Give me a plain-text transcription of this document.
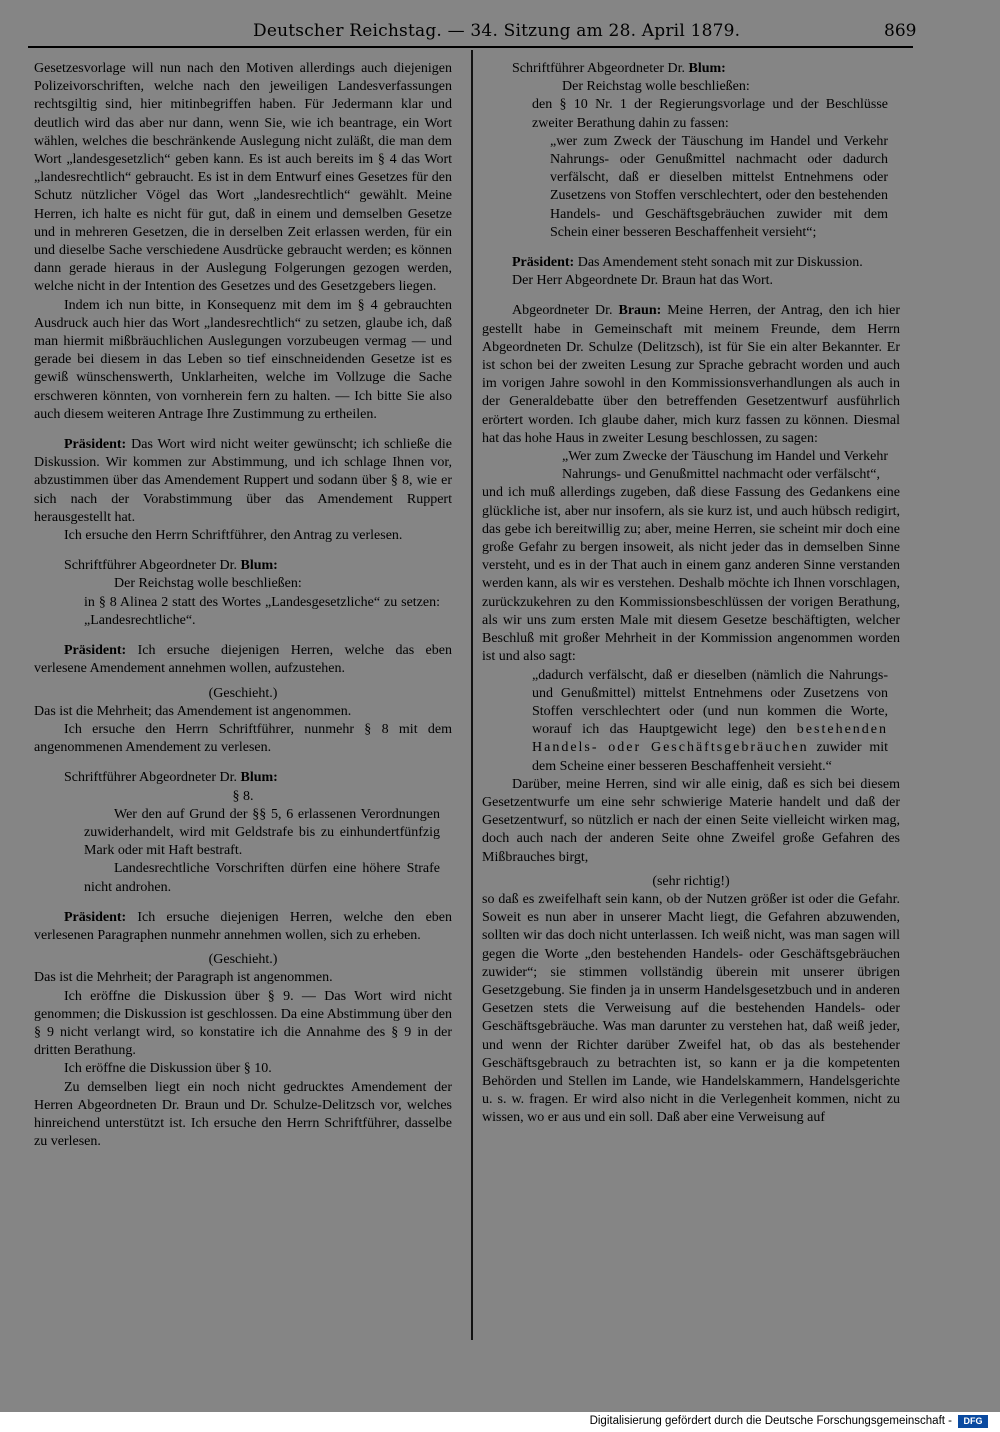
Deutscher Reichstag. — 34. Sitzung am 28. April 1879.	869

Gesetzesvorlage will nun nach den Motiven allerdings auch diejenigen Polizeivorschriften, welche nach den jeweiligen Landesverfassungen rechtsgiltig sind, hier mitinbegriffen haben. Für Jedermann klar und deutlich wird das aber nur dann, wenn Sie, wie ich beantrage, ein Wort wählen, welches die beschränkende Auslegung nicht zuläßt, die man dem Wort „landesgesetzlich“ geben kann. Es ist auch bereits im § 4 das Wort „landesrechtlich“ gebraucht. Es ist in dem Entwurf eines Gesetzes für den Schutz nützlicher Vögel das Wort „landesrechtlich“ gewählt. Meine Herren, ich halte es nicht für gut, daß in einem und demselben Gesetze und in mehreren Gesetzen, die in derselben Zeit erlassen werden, für ein und dieselbe Sache verschiedene Ausdrücke gebraucht werden; es können dann gerade hieraus in der Auslegung Folgerungen gezogen werden, welche nicht in der Intention des Gesetzes und des Gesetzgebers liegen.

Indem ich nun bitte, in Konsequenz mit dem im § 4 gebrauchten Ausdruck auch hier das Wort „landesrechtlich“ zu setzen, glaube ich, daß man hiermit mißbräuchlichen Auslegungen vorzubeugen vermag — und gerade bei diesem in das Leben so tief einschneidenden Gesetze ist es gewiß wünschenswerth, Unklarheiten, welche im Vollzuge die Sache erschweren könnten, von vornherein fern zu halten. — Ich bitte Sie also auch diesem weiteren Antrage Ihre Zustimmung zu ertheilen.

Präsident: Das Wort wird nicht weiter gewünscht; ich schließe die Diskussion. Wir kommen zur Abstimmung, und ich schlage Ihnen vor, abzustimmen über das Amendement Ruppert und sodann über § 8, wie er sich nach der Vorabstimmung über das Amendement Ruppert herausgestellt hat.

Ich ersuche den Herrn Schriftführer, den Antrag zu verlesen.

Schriftführer Abgeordneter Dr. Blum:

Der Reichstag wolle beschließen:

in § 8 Alinea 2 statt des Wortes „Landesgesetzliche“ zu setzen: „Landesrechtliche“.

Präsident: Ich ersuche diejenigen Herren, welche das eben verlesene Amendement annehmen wollen, aufzustehen.

(Geschieht.)

Das ist die Mehrheit; das Amendement ist angenommen.

Ich ersuche den Herrn Schriftführer, nunmehr § 8 mit dem angenommenen Amendement zu verlesen.

Schriftführer Abgeordneter Dr. Blum:

§ 8.

Wer den auf Grund der §§ 5, 6 erlassenen Verordnungen zuwiderhandelt, wird mit Geldstrafe bis zu einhundertfünfzig Mark oder mit Haft bestraft.

Landesrechtliche Vorschriften dürfen eine höhere Strafe nicht androhen.

Präsident: Ich ersuche diejenigen Herren, welche den eben verlesenen Paragraphen nunmehr annehmen wollen, sich zu erheben.

(Geschieht.)

Das ist die Mehrheit; der Paragraph ist angenommen.

Ich eröffne die Diskussion über § 9. — Das Wort wird nicht genommen; die Diskussion ist geschlossen. Da eine Abstimmung über den § 9 nicht verlangt wird, so konstatire ich die Annahme des § 9 in der dritten Berathung.

Ich eröffne die Diskussion über § 10.

Zu demselben liegt ein noch nicht gedrucktes Amendement der Herren Abgeordneten Dr. Braun und Dr. Schulze-Delitzsch vor, welches hinreichend unterstützt ist. Ich ersuche den Herrn Schriftführer, dasselbe zu verlesen.

Schriftführer Abgeordneter Dr. Blum:

Der Reichstag wolle beschließen:

den § 10 Nr. 1 der Regierungsvorlage und der Beschlüsse zweiter Berathung dahin zu fassen:

„wer zum Zweck der Täuschung im Handel und Verkehr Nahrungs- oder Genußmittel nachmacht oder dadurch verfälscht, daß er dieselben mittelst Entnehmens oder Zusetzens von Stoffen verschlechtert, oder den bestehenden Handels- und Geschäftsgebräuchen zuwider mit dem Schein einer besseren Beschaffenheit versieht“;

Präsident: Das Amendement steht sonach mit zur Diskussion.

Der Herr Abgeordnete Dr. Braun hat das Wort.

Abgeordneter Dr. Braun: Meine Herren, der Antrag, den ich hier gestellt habe in Gemeinschaft mit meinem Freunde, dem Herrn Abgeordneten Dr. Schulze (Delitzsch), ist für Sie ein alter Bekannter. Er ist schon bei der zweiten Lesung zur Sprache gebracht worden und auch im vorigen Jahre sowohl in den Kommissionsverhandlungen als auch in der Generaldebatte über den betreffenden Gesetzentwurf ausführlich erörtert worden. Ich glaube daher, mich kurz fassen zu können. Diesmal hat das hohe Haus in zweiter Lesung beschlossen, zu sagen:

„Wer zum Zwecke der Täuschung im Handel und Verkehr Nahrungs- und Genußmittel nachmacht oder verfälscht“,

und ich muß allerdings zugeben, daß diese Fassung des Gedankens eine glückliche ist, aber nur insofern, als sie kurz ist, und auch hübsch redigirt, das gebe ich bereitwillig zu; aber, meine Herren, sie scheint mir doch eine große Gefahr zu bergen insoweit, als nicht jeder das in demselben Sinne versteht, und es in der That auch in einem ganz anderen Sinne verstanden werden kann, als wir es verstehen. Deshalb möchte ich Ihnen vorschlagen, zurückzukehren zu den Kommissionsbeschlüssen der vorigen Berathung, als wir uns zum ersten Male mit diesem Gesetze beschäftigten, welcher Beschluß mit großer Mehrheit in der Kommission angenommen worden ist und also sagt:

„dadurch verfälscht, daß er dieselben (nämlich die Nahrungs- und Genußmittel) mittelst Entnehmens oder Zusetzens von Stoffen verschlechtert oder (und nun kommen die Worte, worauf ich das Hauptgewicht lege) den bestehenden Handels- oder Geschäftsgebräuchen zuwider mit dem Scheine einer besseren Beschaffenheit versieht.“

Darüber, meine Herren, sind wir alle einig, daß es sich bei diesem Gesetzentwurfe um eine sehr schwierige Materie handelt und daß der Gesetzentwurf, so nützlich er nach der einen Seite vielleicht wirken mag, doch auch nach der anderen Seite ohne Zweifel große Gefahren des Mißbrauches birgt,

(sehr richtig!)

so daß es zweifelhaft sein kann, ob der Nutzen größer ist oder die Gefahr. Soweit es nun aber in unserer Macht liegt, die Gefahren abzuwenden, sollten wir das doch nicht unterlassen. Ich weiß nicht, was man sagen will gegen die Worte „den bestehenden Handels- oder Geschäftsgebräuchen zuwider“; sie stimmen vollständig überein mit unserer übrigen Gesetzgebung. Sie finden ja in unserm Handelsgesetzbuch und in anderen Gesetzen stets die Verweisung auf die bestehenden Handels- oder Geschäftsgebräuche. Was man darunter zu verstehen hat, daß weiß jeder, und wenn der Richter darüber Zweifel hat, ob das als bestehender Geschäftsgebrauch zu betrachten ist, so kann er ja die kompetenten Behörden und Stellen im Lande, wie Handelskammern, Handelsgerichte u. s. w. fragen. Er wird also nicht in die Verlegenheit kommen, nicht zu wissen, wo er aus und ein soll. Daß aber eine Verweisung auf

Digitalisierung gefördert durch die Deutsche Forschungsgemeinschaft -	DFG
